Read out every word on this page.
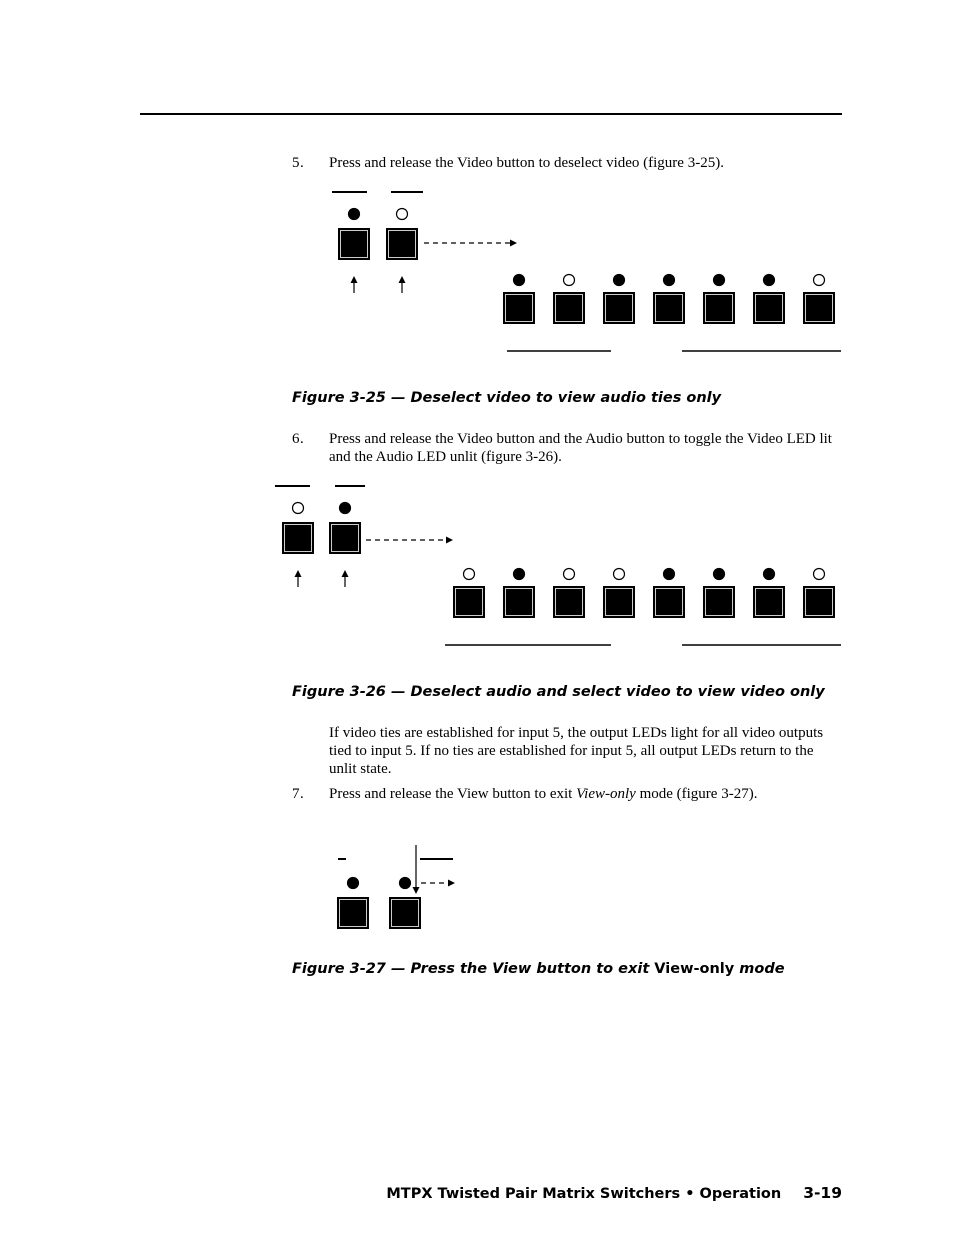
5 . Press and release the Video button to deselect video (figure 3-25).
Figure 3-25 — Deselect video to view audio ties only
6 . Press and release the Video button and the Audio button to toggle the Video LED lit and the Audio LED unlit (figure 3-26).
Figure 3-26 — Deselect audio and select video to view video only
If video ties are established for input 5, the output LEDs light for all video outputs tied to input 5. If no ties are established for input 5, all output LEDs return to the unlit state.
7 . Press and release the View button to exit View-only mode (figure 3-27).
Figure 3-27 — Press the View button to exit View-only mode
MTPX Twisted Pair Matrix Switchers • Operation 3-19
